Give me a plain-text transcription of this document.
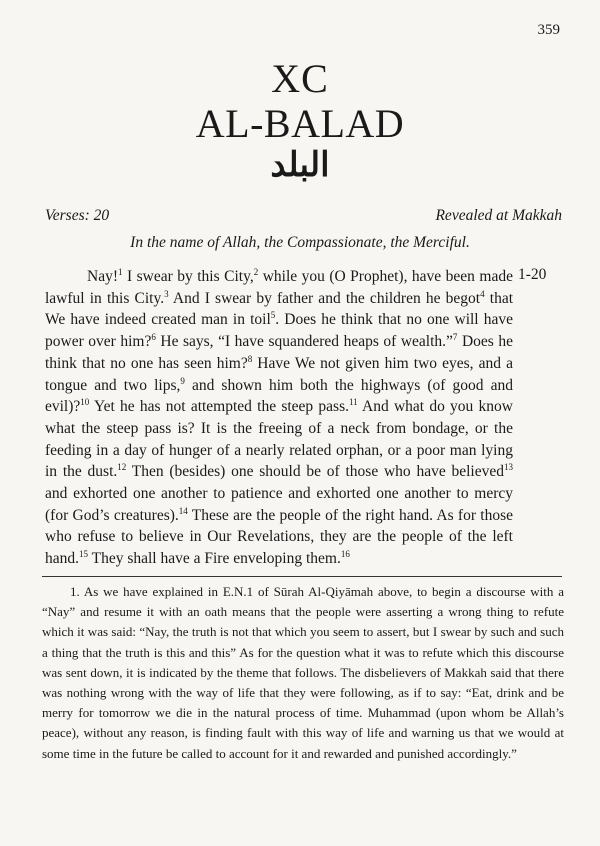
359
XC
AL-BALAD
البلد
Verses: 20	Revealed at Makkah
In the name of Allah, the Compassionate, the Merciful.
1-20

Nay!$^1$ I swear by this City,$^2$ while you (O Prophet), have been made lawful in this City.$^3$ And I swear by father and the children he begot$^4$ that We have indeed created man in toil$^5$. Does he think that no one will have power over him?$^6$ He says, “I have squandered heaps of wealth.”$^7$ Does he think that no one has seen him?$^8$ Have We not given him two eyes, and a tongue and two lips,$^9$ and shown him both the highways (of good and evil)?$^{10}$ Yet he has not attempted the steep pass.$^{11}$ And what do you know what the steep pass is? It is the freeing of a neck from bondage, or the feeding in a day of hunger of a nearly related orphan, or a poor man lying in the dust.$^{12}$ Then (besides) one should be of those who have believed$^{13}$ and exhorted one another to patience and exhorted one another to mercy (for God’s creatures).$^{14}$ These are the people of the right hand. As for those who refuse to believe in Our Revelations, they are the people of the left hand.$^{15}$ They shall have a Fire enveloping them.$^{16}$

1. As we have explained in E.N.1 of Sūrah Al-Qiyāmah above, to begin a discourse with a “Nay” and resume it with an oath means that the people were asserting a wrong thing to refute which it was said: “Nay, the truth is not that which you seem to assert, but I swear by such and such a thing that the truth is this and this” As for the question what it was to refute which this discourse was sent down, it is indicated by the theme that follows. The disbelievers of Makkah said that there was nothing wrong with the way of life that they were following, as if to say: “Eat, drink and be merry for tomorrow we die in the natural process of time. Muhammad (upon whom be Allah’s peace), without any reason, is finding fault with this way of life and warning us that we would at some time in the future be called to account for it and rewarded and punished accordingly.”
